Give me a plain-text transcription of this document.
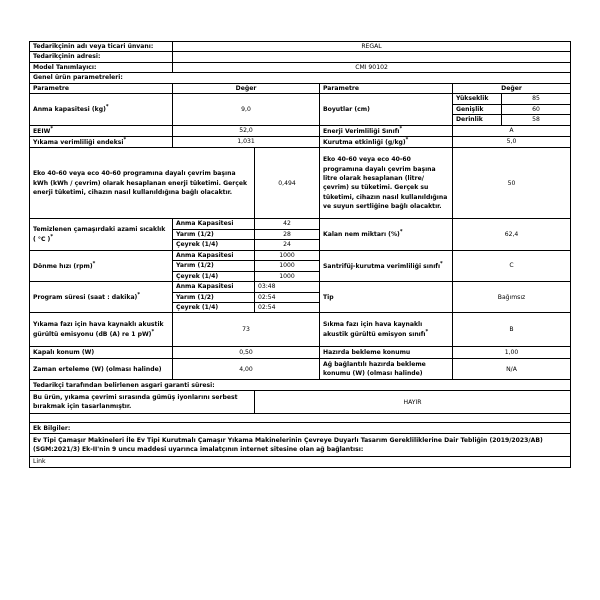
Tedarikçinin adı veya ticari ünvanı:	REGAL				
Tedarikçinin adresi:					
Model Tanımlayıcı:	CMI 90102				
Genel ürün parametreleri:					
Parametre	Değer		Parametre	Değer	
Anma kapasitesi (kg)*	9,0		Boyutlar (cm)	Yükseklik	85
				Genişlik	60
				Derinlik	58
EEIW*	52,0		Enerji Verimliliği Sınıfı*	A	
Yıkama verimliliği endeksi*	1,031		Kurutma etkinliği (g/kg)*	5,0	
Eko 40-60 veya eco 40-60 programına dayalı çevrim başına kWh (kWh / çevrim) olarak hesaplanan enerji tüketimi. Gerçek enerji tüketimi, cihazın nasıl kullanıldığına bağlı olacaktır.		0,494	Eko 40-60 veya eco 40-60 programına dayalı çevrim başına litre olarak hesaplanan (litre/çevrim) su tüketimi. Gerçek su tüketimi, cihazın nasıl kullanıldığına ve suyun sertliğine bağlı olacaktır.	50	
Temizlenen çamaşırdaki azami sıcaklık ( °C )*	Anma Kapasitesi	42	Kalan nem miktarı (%)*	62,4	
	Yarım (1/2)	28			
	Çeyrek (1/4)	24			
Dönme hızı (rpm)*	Anma Kapasitesi	1000	Santrifüj-kurutma verimliliği sınıfı*	C	
	Yarım (1/2)	1000			
	Çeyrek (1/4)	1000			
Program süresi (saat : dakika)*	Anma Kapasitesi	03:48	Tip	Bağımsız	
	Yarım (1/2)	02:54			
	Çeyrek (1/4)	02:54			
Yıkama fazı için hava kaynaklı akustik gürültü emisyonu (dB (A) re 1 pW)*	73		Sıkma fazı için hava kaynaklı akustik gürültü emisyon sınıfı*	B	
Kapalı konum (W)	0,50		Hazırda bekleme konumu	1,00	
Zaman erteleme (W) (olması halinde)	4,00		Ağ bağlantılı hazırda bekleme konumu (W) (olması halinde)	N/A	
Tedarikçi tarafından belirlenen asgari garanti süresi:					
Bu ürün, yıkama çevrimi sırasında gümüş iyonlarını serbest bırakmak için tasarlanmıştır.		HAYIR			

Ek Bilgiler:					
Ev Tipi Çamaşır Makineleri İle Ev Tipi Kurutmalı Çamaşır Yıkama Makinelerinin Çevreye Duyarlı Tasarım Gerekliliklerine Dair Tebliğin (2019/2023/AB)(SGM:2021/3) Ek-II'nin 9 uncu maddesi uyarınca imalatçının internet sitesine olan ağ bağlantısı:					
Link					
